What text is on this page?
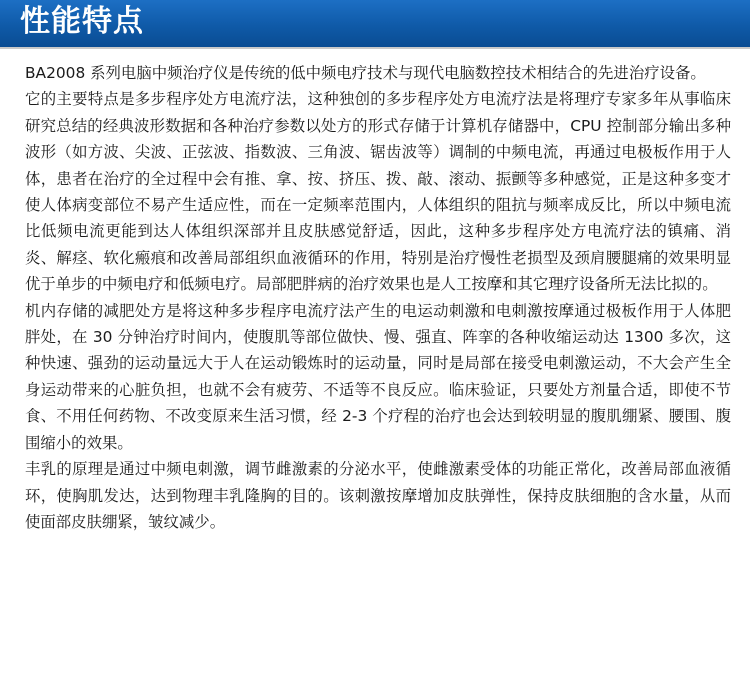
性能特点

BA2008 系列电脑中频治疗仪是传统的低中频电疗技术与现代电脑数控技术相结合的先进治疗设备。

它的主要特点是多步程序处方电流疗法，这种独创的多步程序处方电流疗法是将理疗专家多年从事临床研究总结的经典波形数据和各种治疗参数以处方的形式存储于计算机存储器中，CPU 控制部分输出多种波形（如方波、尖波、正弦波、指数波、三角波、锯齿波等）调制的中频电流，再通过电极板作用于人体，患者在治疗的全过程中会有推、拿、按、挤压、拨、敲、滚动、振颤等多种感觉，正是这种多变才使人体病变部位不易产生适应性，而在一定频率范围内，人体组织的阻抗与频率成反比，所以中频电流比低频电流更能到达人体组织深部并且皮肤感觉舒适，因此，这种多步程序处方电流疗法的镇痛、消炎、解痉、软化瘢痕和改善局部组织血液循环的作用，特别是治疗慢性老损型及颈肩腰腿痛的效果明显优于单步的中频电疗和低频电疗。局部肥胖病的治疗效果也是人工按摩和其它理疗设备所无法比拟的。

机内存储的减肥处方是将这种多步程序电流疗法产生的电运动刺激和电刺激按摩通过极板作用于人体肥胖处，在 30 分钟治疗时间内，使腹肌等部位做快、慢、强直、阵挛的各种收缩运动达 1300 多次，这种快速、强劲的运动量远大于人在运动锻炼时的运动量，同时是局部在接受电刺激运动，不大会产生全身运动带来的心脏负担，也就不会有疲劳、不适等不良反应。临床验证，只要处方剂量合适，即使不节食、不用任何药物、不改变原来生活习惯，经 2-3 个疗程的治疗也会达到较明显的腹肌绷紧、腰围、腹围缩小的效果。

丰乳的原理是通过中频电刺激，调节雌激素的分泌水平，使雌激素受体的功能正常化，改善局部血液循环，使胸肌发达，达到物理丰乳隆胸的目的。该刺激按摩增加皮肤弹性，保持皮肤细胞的含水量，从而使面部皮肤绷紧，皱纹减少。
